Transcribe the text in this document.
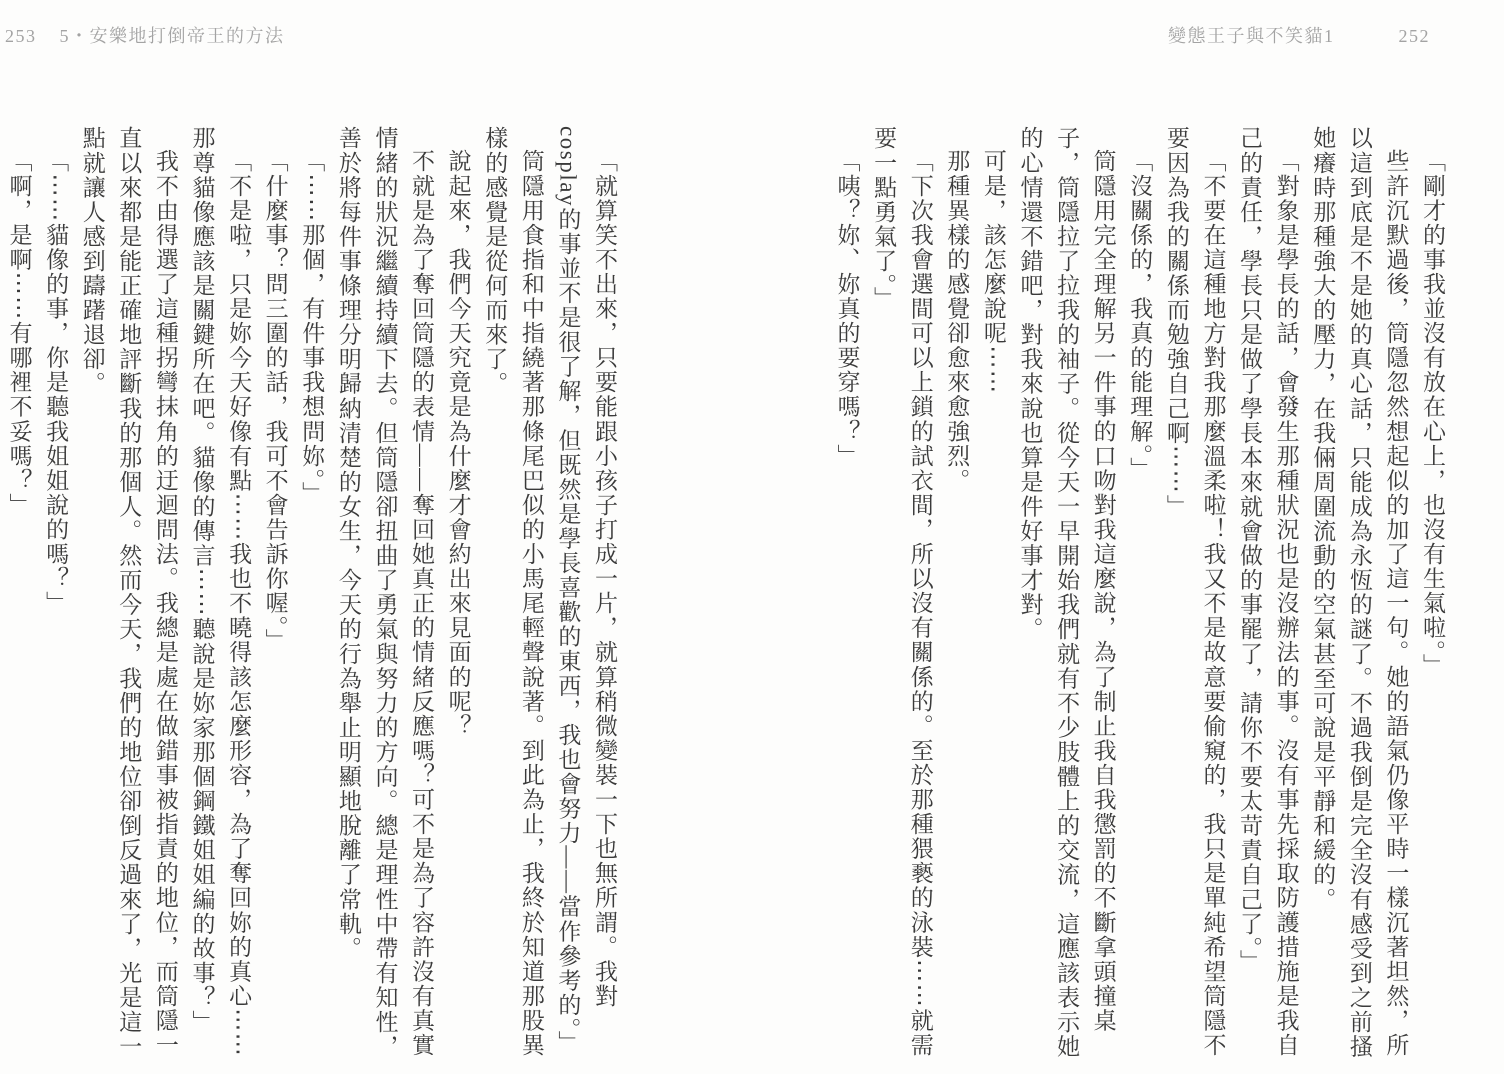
253 5・安樂地打倒帝王的方法	變態王子與不笑貓1	252

「剛才的事我並沒有放在心上，也沒有生氣啦。」

些許沉默過後，筒隱忽然想起似的加了這一句。她的語氣仍像平時一樣沉著坦然，所以這到底是不是她的真心話，只能成為永恆的謎了。不過我倒是完全沒有感受到之前搔她癢時那種強大的壓力，在我倆周圍流動的空氣甚至可說是平靜和緩的。

「對象是學長的話，會發生那種狀況也是沒辦法的事。沒有事先採取防護措施是我自己的責任，學長只是做了學長本來就會做的事罷了，請你不要太苛責自己了。」

「不要在這種地方對我那麼溫柔啦！我又不是故意要偷窺的，我只是單純希望筒隱不要因為我的關係而勉強自己啊⋯⋯」

「沒關係的，我真的能理解。」

筒隱用完全理解另一件事的口吻對我這麼說，為了制止我自我懲罰的不斷拿頭撞桌子，筒隱拉了拉我的袖子。從今天一早開始我們就有不少肢體上的交流，這應該表示她的心情還不錯吧，對我來說也算是件好事才對。

可是，該怎麼說呢⋯⋯

那種異樣的感覺卻愈來愈強烈。

「下次我會選間可以上鎖的試衣間，所以沒有關係的。至於那種猥褻的泳裝⋯⋯就需要一點勇氣了。」

「咦？妳、妳真的要穿嗎？」

「就算笑不出來，只要能跟小孩子打成一片，就算稍微變裝一下也無所謂。我對cosplay的事並不是很了解，但既然是學長喜歡的東西，我也會努力——當作參考的。」

筒隱用食指和中指繞著那條尾巴似的小馬尾輕聲說著。到此為止，我終於知道那股異樣的感覺是從何而來了。

說起來，我們今天究竟是為什麼才會約出來見面的呢？

不就是為了奪回筒隱的表情——奪回她真正的情緒反應嗎？可不是為了容許沒有真實情緒的狀況繼續持續下去。但筒隱卻扭曲了勇氣與努力的方向。總是理性中帶有知性，善於將每件事條理分明歸納清楚的女生，今天的行為舉止明顯地脫離了常軌。

「⋯⋯那個，有件事我想問妳。」

「什麼事？問三圍的話，我可不會告訴你喔。」

「不是啦，只是妳今天好像有點⋯⋯我也不曉得該怎麼形容，為了奪回妳的真心⋯⋯那尊貓像應該是關鍵所在吧。貓像的傳言⋯⋯聽說是妳家那個鋼鐵姐姐編的故事？」

我不由得選了這種拐彎抹角的迂迴問法。我總是處在做錯事被指責的地位，而筒隱一直以來都是能正確地評斷我的那個人。然而今天，我們的地位卻倒反過來了，光是這一點就讓人感到躊躇退卻。

「⋯⋯貓像的事，你是聽我姐姐說的嗎？」

「啊，是啊⋯⋯有哪裡不妥嗎？」
